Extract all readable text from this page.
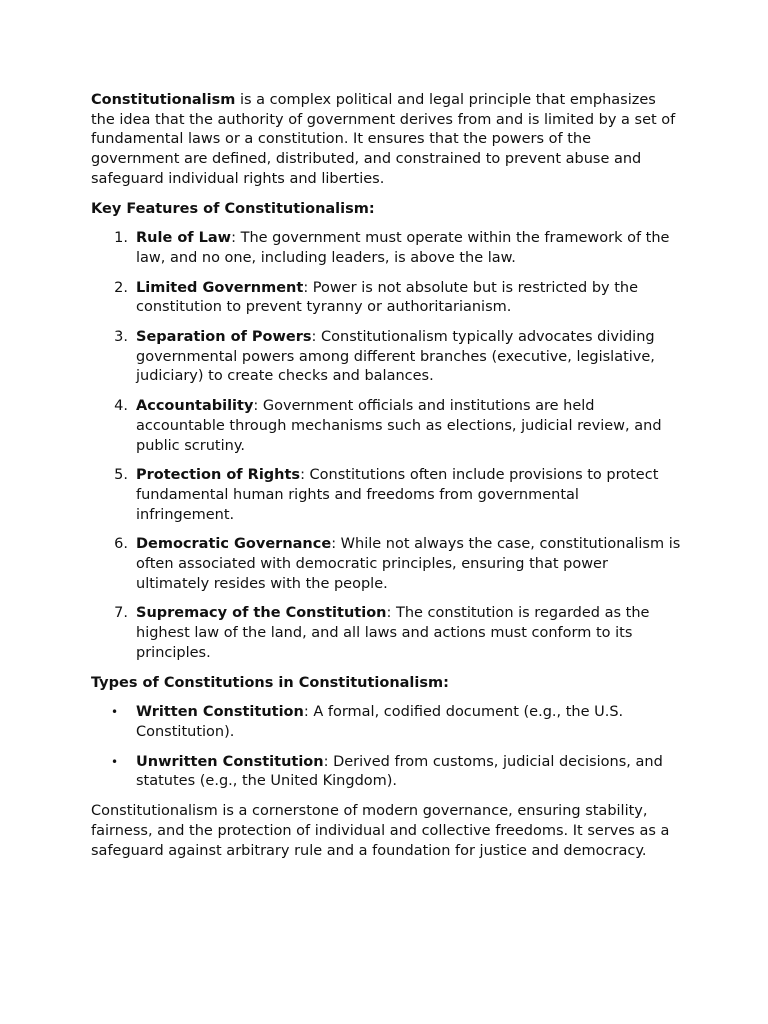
Constitutionalism is a complex political and legal principle that emphasizes the idea that the authority of government derives from and is limited by a set of fundamental laws or a constitution. It ensures that the powers of the government are defined, distributed, and constrained to prevent abuse and safeguard individual rights and liberties.

Key Features of Constitutionalism:

1. Rule of Law: The government must operate within the framework of the law, and no one, including leaders, is above the law.
2. Limited Government: Power is not absolute but is restricted by the constitution to prevent tyranny or authoritarianism.
3. Separation of Powers: Constitutionalism typically advocates dividing governmental powers among different branches (executive, legislative, judiciary) to create checks and balances.
4. Accountability: Government officials and institutions are held accountable through mechanisms such as elections, judicial review, and public scrutiny.
5. Protection of Rights: Constitutions often include provisions to protect fundamental human rights and freedoms from governmental infringement.
6. Democratic Governance: While not always the case, constitutionalism is often associated with democratic principles, ensuring that power ultimately resides with the people.
7. Supremacy of the Constitution: The constitution is regarded as the highest law of the land, and all laws and actions must conform to its principles.

Types of Constitutions in Constitutionalism:

• Written Constitution: A formal, codified document (e.g., the U.S. Constitution).
• Unwritten Constitution: Derived from customs, judicial decisions, and statutes (e.g., the United Kingdom).

Constitutionalism is a cornerstone of modern governance, ensuring stability, fairness, and the protection of individual and collective freedoms. It serves as a safeguard against arbitrary rule and a foundation for justice and democracy.
